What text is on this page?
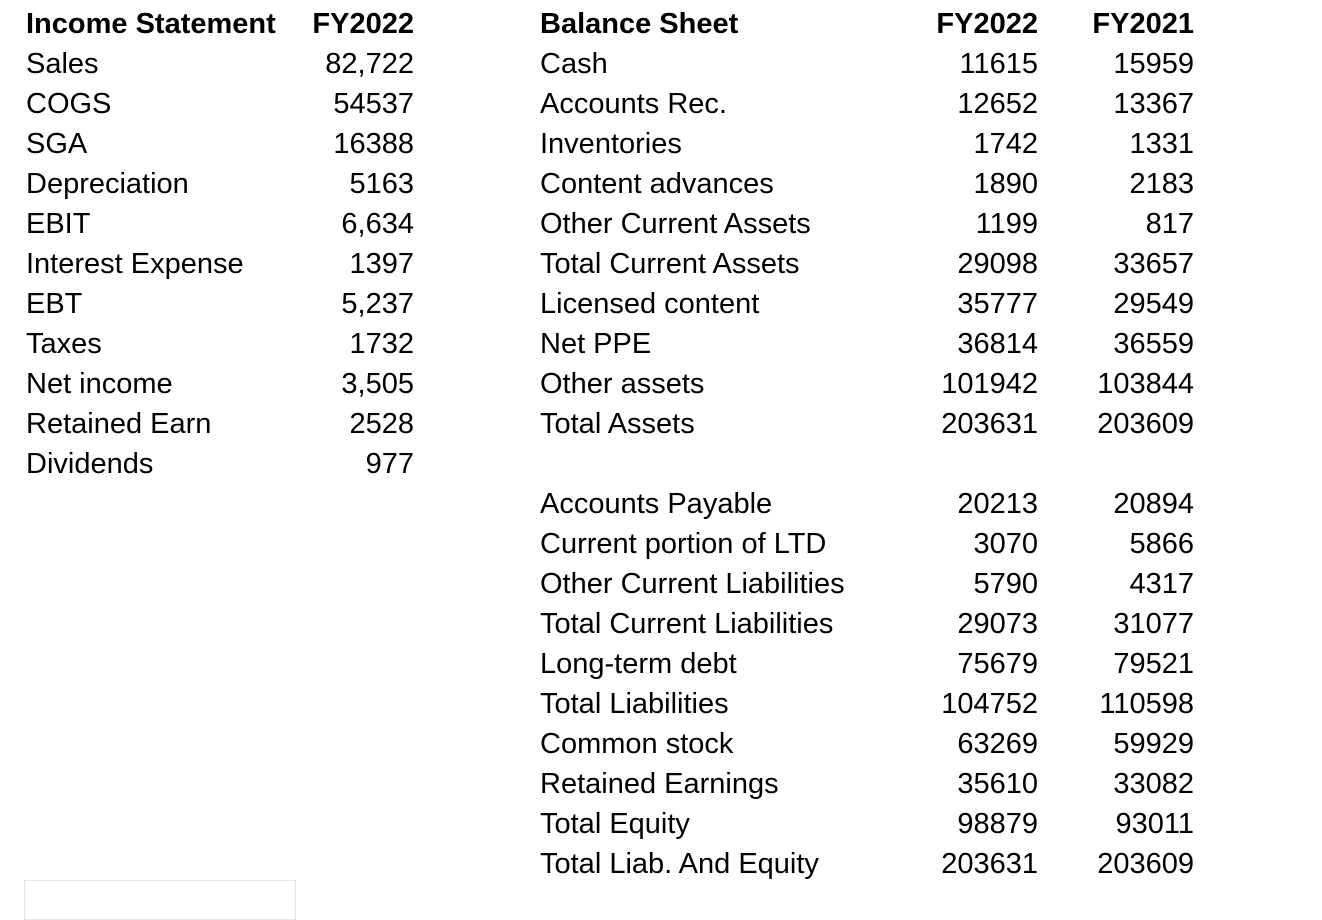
Income Statement FY2022
Sales	82,722
COGS	54537
SGA	16388
Depreciation	5163
EBIT	6,634
Interest Expense	1397
EBT	5,237
Taxes	1732
Net income	3,505
Retained Earn	2528
Dividends	977
Balance Sheet	FY2022 FY2021
Cash	11615	15959
Accounts Rec.	12652	13367
Inventories	1742	1331
Content advances	1890	2183
Other Current Assets	1199	817
Total Current Assets	29098	33657
Licensed content	35777	29549
Net PPE	36814	36559
Other assets	101942 103844
Total Assets	203631 203609
Accounts Payable	20213	20894
Current portion of LTD	3070	5866
Other Current Liabilities	5790	4317
Total Current Liabilities	29073	31077
Long-term debt	75679	79521
Total Liabilities	104752 110598
Common stock	63269	59929
Retained Earnings	35610	33082
Total Equity	98879	93011
Total Liab. And Equity	203631 203609
